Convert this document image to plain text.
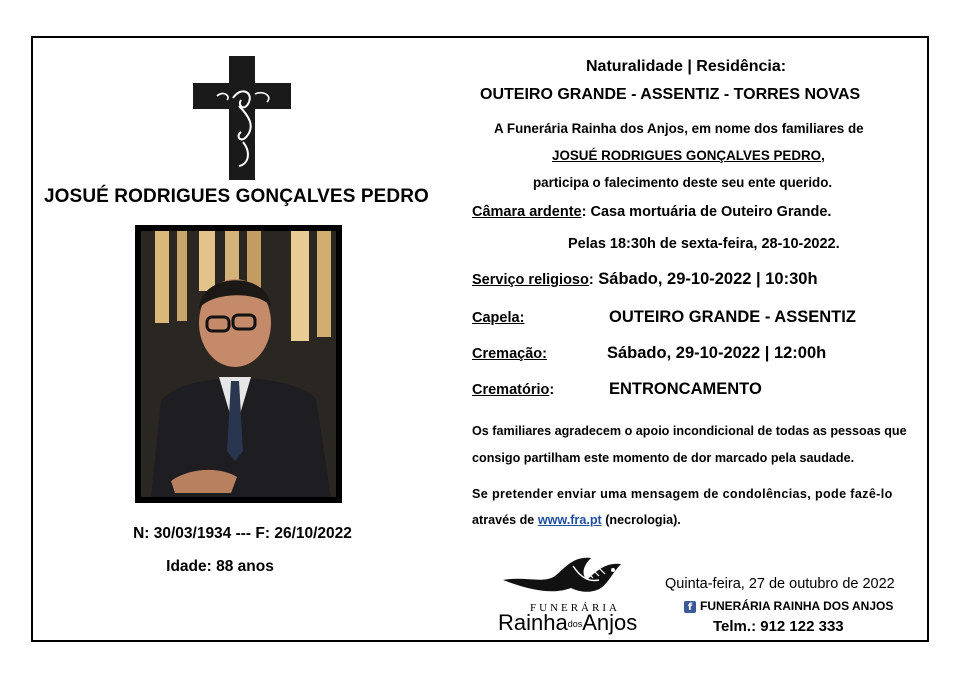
JOSUÉ RODRIGUES GONÇALVES PEDRO
N: 30/03/1934 --- F: 26/10/2022
Idade: 88 anos
Naturalidade | Residência:
OUTEIRO GRANDE - ASSENTIZ - TORRES NOVAS
A Funerária Rainha dos Anjos, em nome dos familiares de
JOSUÉ RODRIGUES GONÇALVES PEDRO,
participa o falecimento deste seu ente querido.
Câmara ardente: Casa mortuária de Outeiro Grande.
Pelas 18:30h de sexta-feira, 28-10-2022.
Serviço religioso: Sábado, 29-10-2022 | 10:30h
Capela:	OUTEIRO GRANDE - ASSENTIZ
Cremação:	Sábado, 29-10-2022 | 12:00h
Crematório:	ENTRONCAMENTO
Os familiares agradecem o apoio incondicional de todas as pessoas que
consigo partilham este momento de dor marcado pela saudade.
Se pretender enviar uma mensagem de condolências, pode fazê-lo
através de www.fra.pt (necrologia).
FUNERÁRIA
RainhadosAnjos
Quinta-feira, 27 de outubro de 2022
f FUNERÁRIA RAINHA DOS ANJOS
Telm.: 912 122 333
